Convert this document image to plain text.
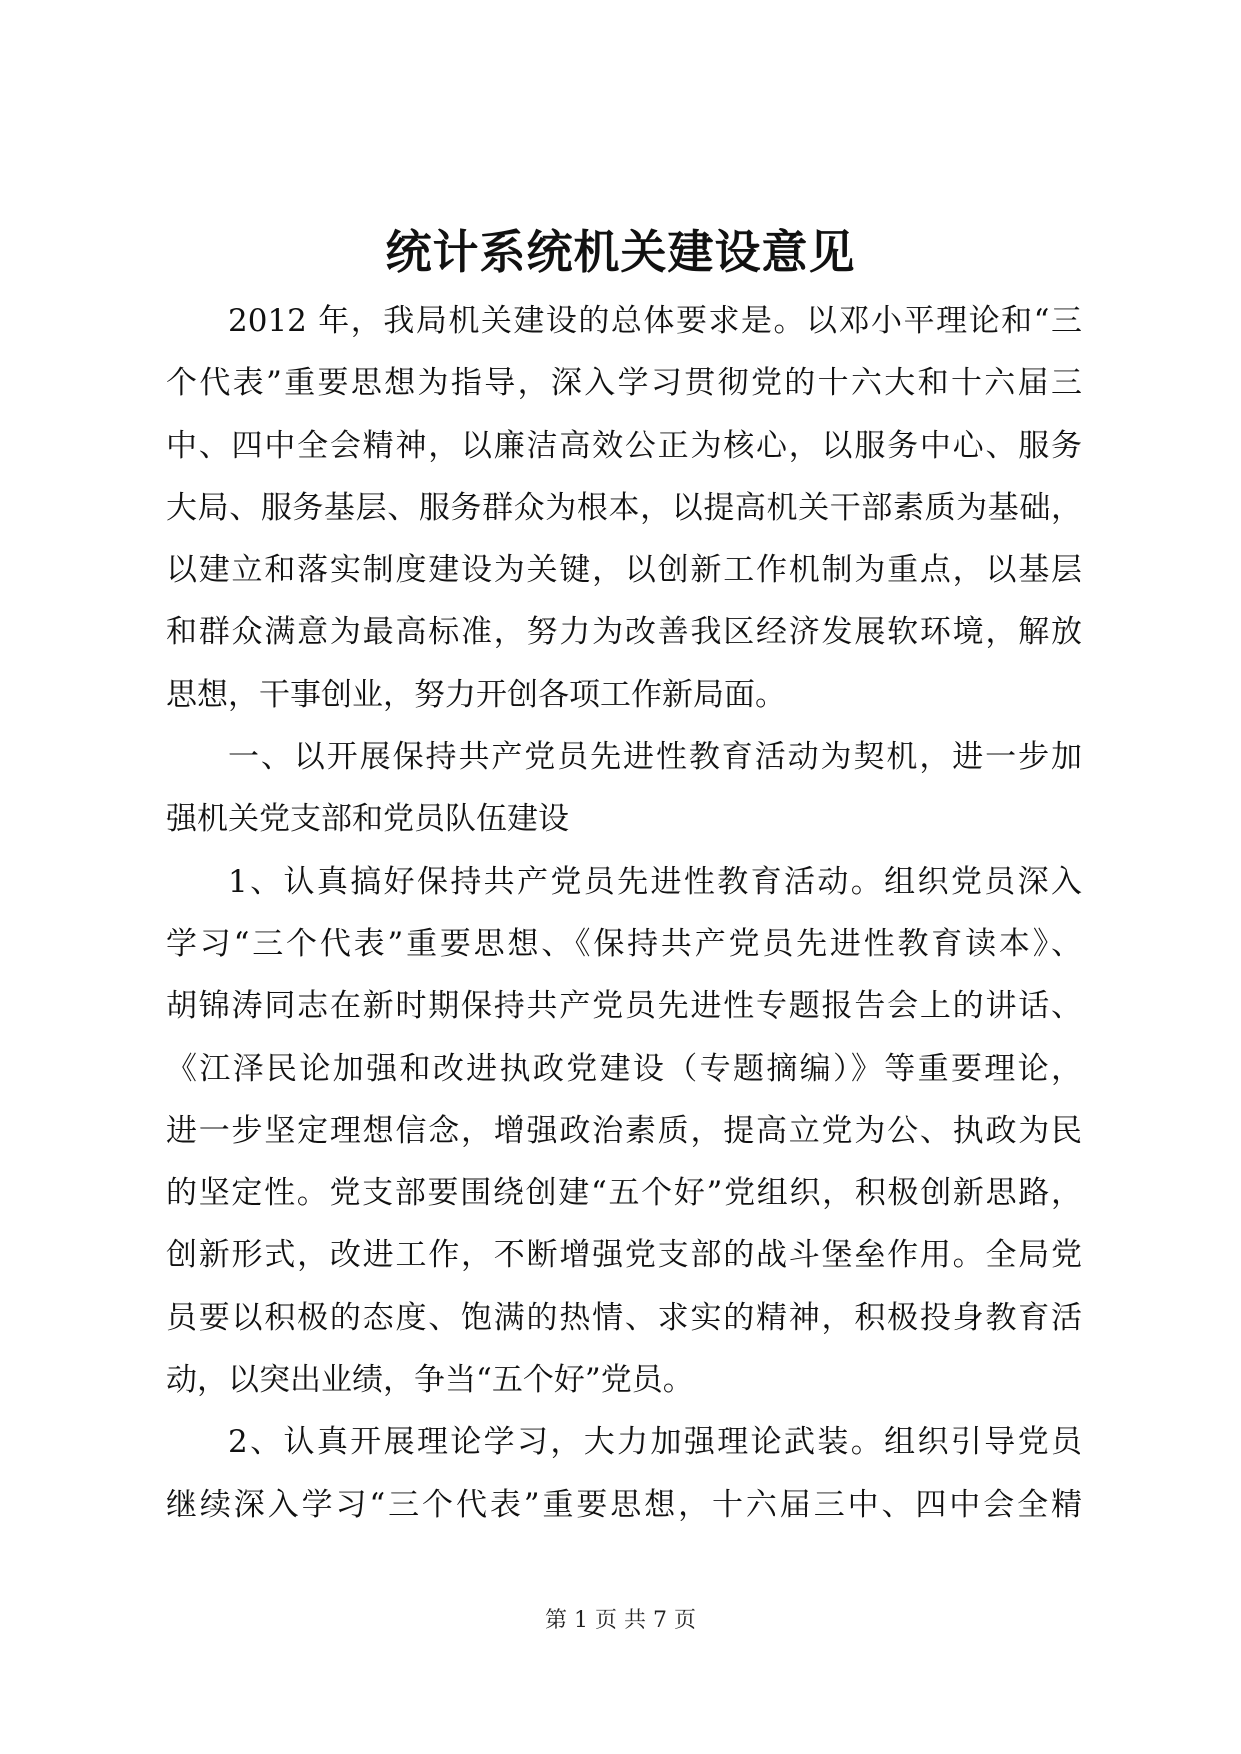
统计系统机关建设意见
2012 年，我局机关建设的总体要求是。以邓小平理论和“三
个代表”重要思想为指导，深入学习贯彻党的十六大和十六届三
中、四中全会精神，以廉洁高效公正为核心，以服务中心、服务
大局、服务基层、服务群众为根本，以提高机关干部素质为基础，
以建立和落实制度建设为关键，以创新工作机制为重点，以基层
和群众满意为最高标准，努力为改善我区经济发展软环境，解放
思想，干事创业，努力开创各项工作新局面。
一、以开展保持共产党员先进性教育活动为契机，进一步加
强机关党支部和党员队伍建设
1、认真搞好保持共产党员先进性教育活动。组织党员深入
学习“三个代表”重要思想、《保持共产党员先进性教育读本》、
胡锦涛同志在新时期保持共产党员先进性专题报告会上的讲话、
《江泽民论加强和改进执政党建设（专题摘编）》等重要理论，
进一步坚定理想信念，增强政治素质，提高立党为公、执政为民
的坚定性。党支部要围绕创建“五个好”党组织，积极创新思路，
创新形式，改进工作，不断增强党支部的战斗堡垒作用。全局党
员要以积极的态度、饱满的热情、求实的精神，积极投身教育活
动，以突出业绩，争当“五个好”党员。
2、认真开展理论学习，大力加强理论武装。组织引导党员
继续深入学习“三个代表”重要思想，十六届三中、四中会全精
第 1 页 共 7 页
